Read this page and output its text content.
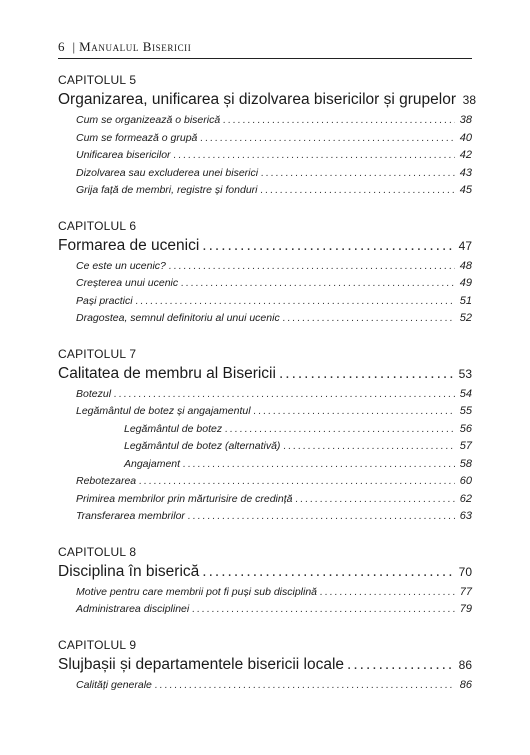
6 | Manualul Bisericii
CAPITOLUL 5
Organizarea, unificarea și dizolvarea bisericilor și grupelor 38
Cum se organizează o biserică .....	38
Cum se formează o grupă .....	40
Unificarea bisericilor .....	42
Dizolvarea sau excluderea unei biserici .....	43
Grija față de membri, registre și fonduri .....	45
CAPITOLUL 6
Formarea de ucenici .....	47
Ce este un ucenic? .....	48
Creșterea unui ucenic .....	49
Pași practici .....	51
Dragostea, semnul definitoriu al unui ucenic .....	52
CAPITOLUL 7
Calitatea de membru al Bisericii .....	53
Botezul .....	54
Legământul de botez și angajamentul .....	55
Legământul de botez .....	56
Legământul de botez (alternativă) .....	57
Angajament .....	58
Rebotezarea .....	60
Primirea membrilor prin mărturisire de credință .....	62
Transferarea membrilor .....	63
CAPITOLUL 8
Disciplina în biserică .....	70
Motive pentru care membrii pot fi puși sub disciplină .....	77
Administrarea disciplinei .....	79
CAPITOLUL 9
Slujbașii și departamentele bisericii locale .....	86
Calități generale .....	86
